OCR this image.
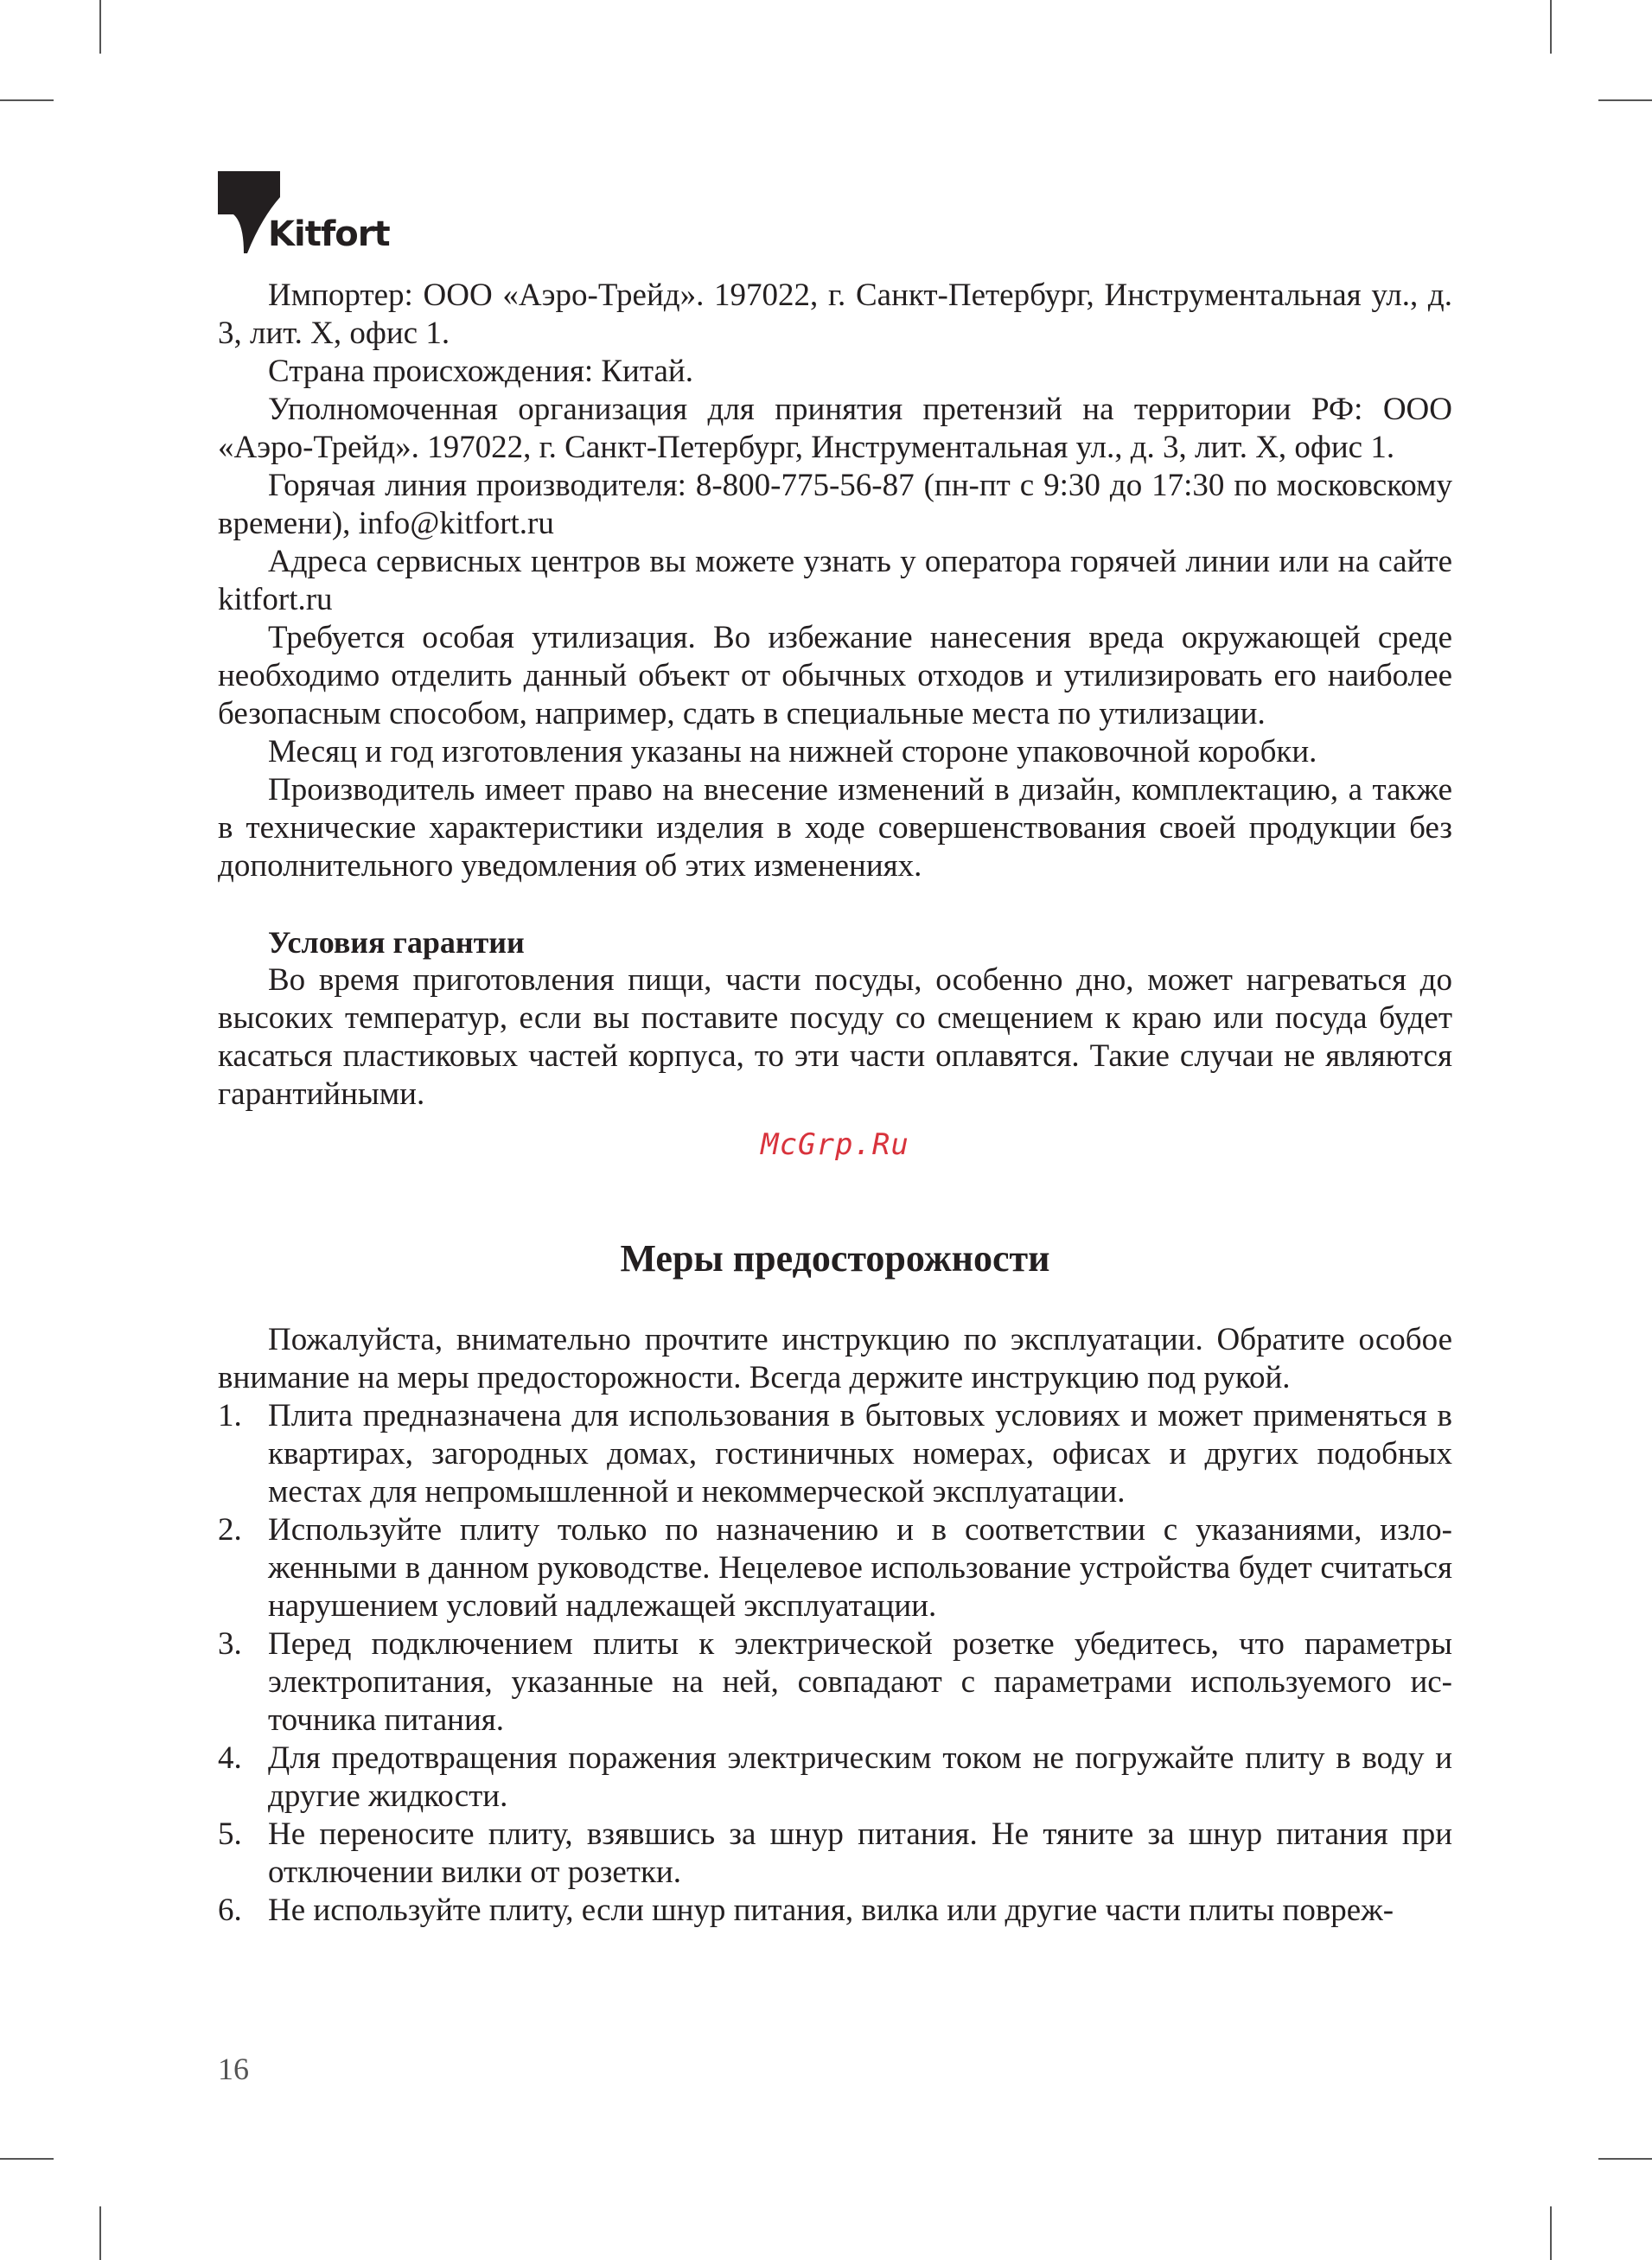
Kitfort

Импортер: ООО «Аэро-Трейд». 197022, г. Санкт-Петербург, Инструментальная ул., д. 3, лит. Х, офис 1.

Страна происхождения: Китай.

Уполномоченная организация для принятия претензий на территории РФ: ООО «Аэро-Трейд». 197022, г. Санкт-Петербург, Инструментальная ул., д. 3, лит. Х, офис 1.

Горячая линия производителя: 8-800-775-56-87 (пн-пт с 9:30 до 17:30 по московскому времени), info@kitfort.ru

Адреса сервисных центров вы можете узнать у оператора горячей линии или на сайте kitfort.ru

Требуется особая утилизация. Во избежание нанесения вреда окружающей среде необходимо отделить данный объект от обычных отходов и утилизировать его наиболее безопасным способом, например, сдать в специальные места по утилизации.

Месяц и год изготовления указаны на нижней стороне упаковочной коробки.

Производитель имеет право на внесение изменений в дизайн, комплектацию, а также в технические характеристики изделия в ходе совершенствования своей продукции без дополнительного уведомления об этих изменениях.

Условия гарантии

Во время приготовления пищи, части посуды, особенно дно, может нагреваться до высоких температур, если вы поставите посуду со смещением к краю или посуда будет касаться пластиковых частей корпуса, то эти части оплавятся. Такие случаи не являются гарантийными.

McGrp.Ru
Меры предосторожности

Пожалуйста, внимательно прочтите инструкцию по эксплуатации. Обратите особое внимание на меры предосторожности. Всегда держите инструкцию под рукой.

1. Плита предназначена для использования в бытовых условиях и может применяться в квартирах, загородных домах, гостиничных номерах, офисах и других подобных местах для непромышленной и некоммерческой эксплуатации.
2. Используйте плиту только по назначению и в соответствии с указаниями, изложенными в данном руководстве. Нецелевое использование устройства будет считаться нарушением условий надлежащей эксплуатации.
3. Перед подключением плиты к электрической розетке убедитесь, что параметры электропитания, указанные на ней, совпадают с параметрами используемого источника питания.
4. Для предотвращения поражения электрическим током не погружайте плиту в воду и другие жидкости.
5. Не переносите плиту, взявшись за шнур питания. Не тяните за шнур питания при отключении вилки от розетки.
6. Не используйте плиту, если шнур питания, вилка или другие части плиты повреж-
16
